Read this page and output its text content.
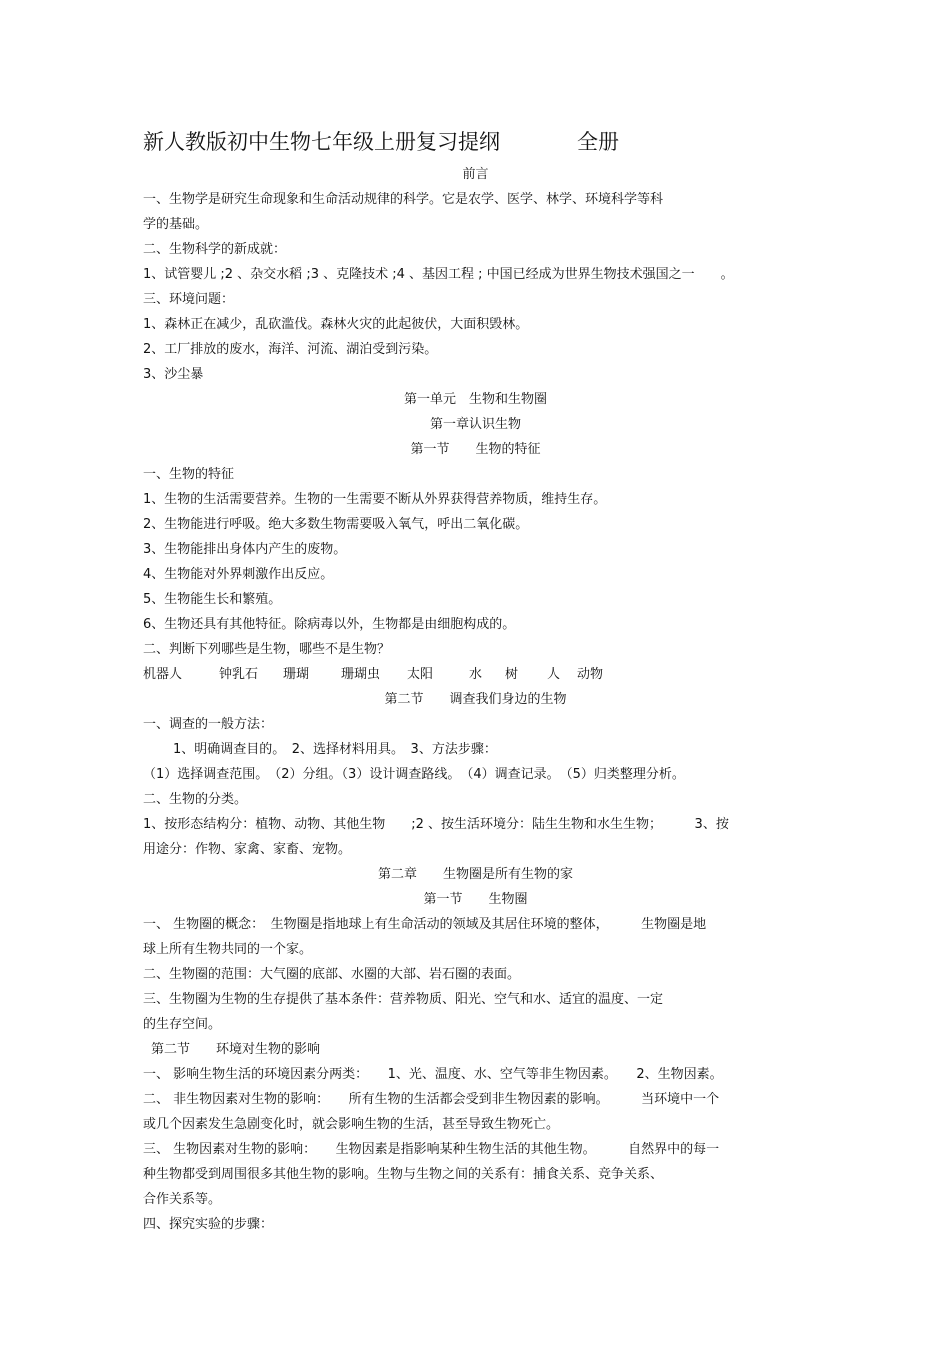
新人教版初中生物七年级上册复习提纲	全册
前言
一、生物学是研究生命现象和生命活动规律的科学。它是农学、医学、林学、环境科学等科
学的基础。
二、生物科学的新成就：
1、试管婴儿 ;2 、杂交水稻 ;3 、克隆技术 ;4 、基因工程 ; 中国已经成为世界生物技术强国之一　　。
三、环境问题：
1、森林正在减少，乱砍滥伐。森林火灾的此起彼伏，大面积毁林。
2、工厂排放的废水，海洋、河流、湖泊受到污染。
3、沙尘暴
第一单元　生物和生物圈
第一章认识生物
第一节　　生物的特征
一、生物的特征
1、生物的生活需要营养。生物的一生需要不断从外界获得营养物质，维持生存。
2、生物能进行呼吸。绝大多数生物需要吸入氧气，呼出二氧化碳。
3、生物能排出身体内产生的废物。
4、生物能对外界刺激作出反应。
5、生物能生长和繁殖。
6、生物还具有其他特征。除病毒以外，生物都是由细胞构成的。
二、判断下列哪些是生物，哪些不是生物？
机器人	钟乳石 珊瑚 珊瑚虫 太阳	水 树 人 动物
第二节　　调查我们身边的生物
一、调查的一般方法：
1、明确调查目的。　2、选择材料用具。　3、方法步骤：
（1）选择调查范围。　（2）分组。（3）设计调查路线。　（4）调查记录。　（5）归类整理分析。
二、生物的分类。
1、按形态结构分：植物、动物、其他生物　　;2 、按生活环境分：陆生生物和水生生物；　　　3、按
用途分：作物、家禽、家畜、宠物。
第二章　　生物圈是所有生物的家
第一节　　生物圈
一、 生物圈的概念：　生物圈是指地球上有生命活动的领域及其居住环境的整体，　　　生物圈是地
球上所有生物共同的一个家。
二、生物圈的范围：大气圈的底部、水圈的大部、岩石圈的表面。
三、生物圈为生物的生存提供了基本条件：营养物质、阳光、空气和水、适宜的温度、一定
的生存空间。
第二节　　环境对生物的影响
一、 影响生物生活的环境因素分两类：　　1、光、温度、水、空气等非生物因素。　　2、生物因素。
二、 非生物因素对生物的影响：　　所有生物的生活都会受到非生物因素的影响。　　　当环境中一个
或几个因素发生急剧变化时，就会影响生物的生活，甚至导致生物死亡。
三、 生物因素对生物的影响：　　生物因素是指影响某种生物生活的其他生物。　　　自然界中的每一
种生物都受到周围很多其他生物的影响。生物与生物之间的关系有：捕食关系、竞争关系、
合作关系等。
四、探究实验的步骤：
